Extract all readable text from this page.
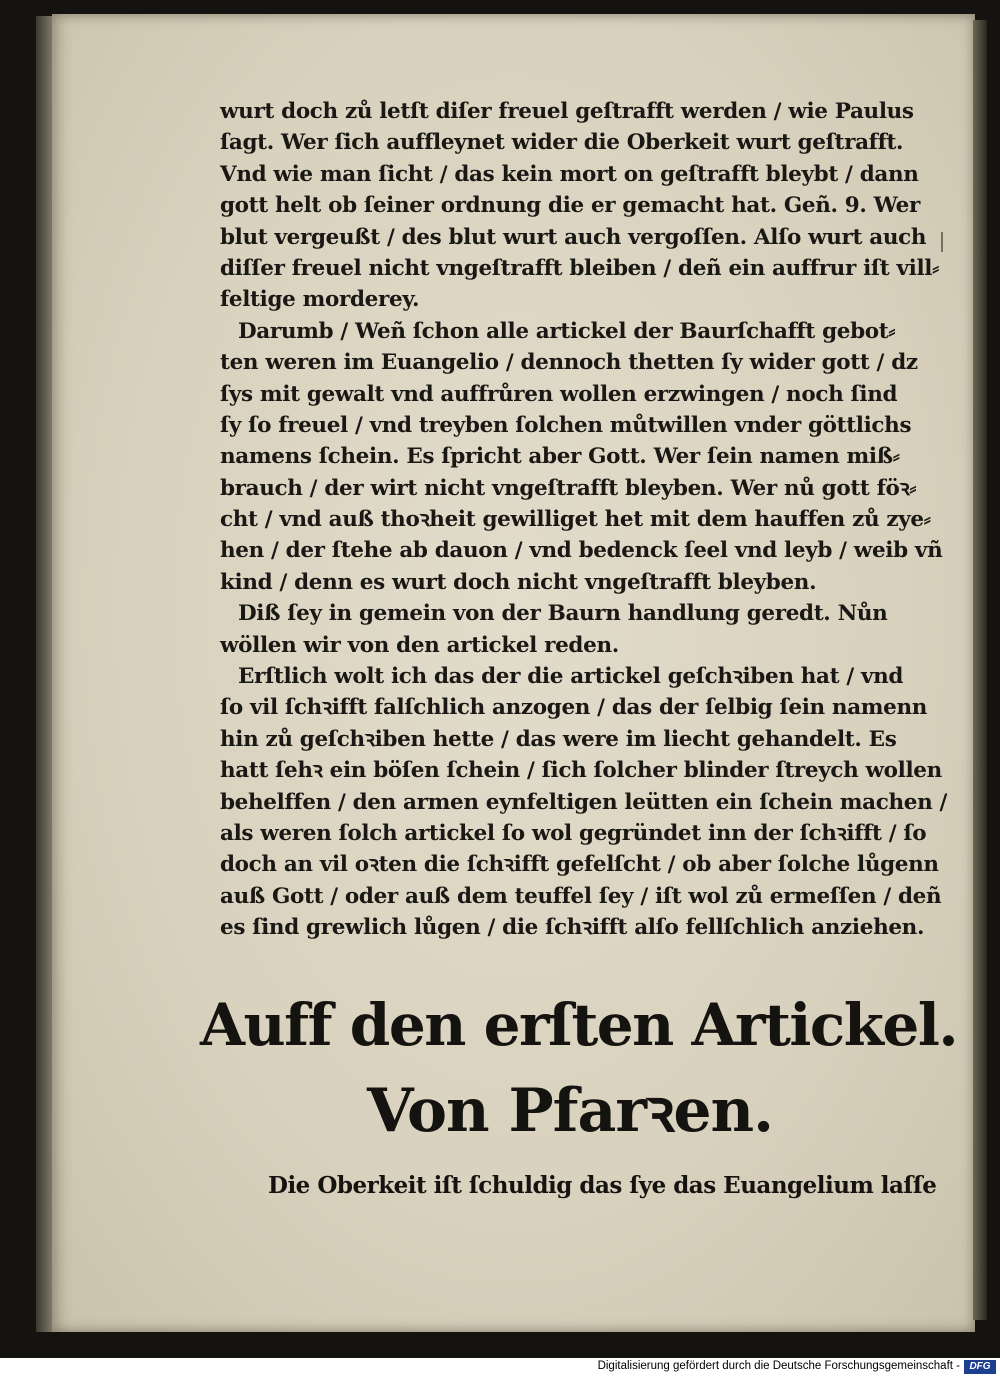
wurt doch zů letſt diſer freuel geſtrafft werden / wie Paulus
ſagt. Wer ſich auffleynet wider die Oberkeit wurt geſtrafft.
Vnd wie man ſicht / das kein mort on geſtrafft bleybt / dann
gott helt ob ſeiner ordnung die er gemacht hat. Geñ. 9. Wer
blut vergeußt / des blut wurt auch vergoſſen. Alſo wurt auch
diſſer freuel nicht vngeſtrafft bleiben / deñ ein auffrur iſt vill⸗
feltige morderey.
Darumb / Weñ ſchon alle artickel der Baurſchafft gebot⸗
ten weren im Euangelio / dennoch thetten ſy wider gott / dz
ſys mit gewalt vnd auffrůren wollen erzwingen / noch ſind
ſy ſo freuel / vnd treyben ſolchen můtwillen vnder göttlichs
namens ſchein. Es ſpricht aber Gott. Wer ſein namen miß⸗
brauch / der wirt nicht vngeſtrafft bleyben. Wer nů gott föꝛ⸗
cht / vnd auß thoꝛheit gewilliget het mit dem hauffen zů zye⸗
hen / der ſtehe ab dauon / vnd bedenck ſeel vnd leyb / weib vñ
kind / denn es wurt doch nicht vngeſtrafft bleyben.
Diß ſey in gemein von der Baurn handlung geredt. Nůn
wöllen wir von den artickel reden.
Erſtlich wolt ich das der die artickel geſchꝛiben hat / vnd
ſo vil ſchꝛifft falſchlich anzogen / das der ſelbig ſein namenn
hin zů geſchꝛiben hette / das were im liecht gehandelt. Es
hatt ſehꝛ ein böſen ſchein / ſich ſolcher blinder ſtreych wollen
behelffen / den armen eynfeltigen leütten ein ſchein machen /
als weren ſolch artickel ſo wol gegründet inn der ſchꝛifft / ſo
doch an vil oꝛten die ſchꝛifft gefelſcht / ob aber ſolche lůgenn
auß Gott / oder auß dem teuffel ſey / iſt wol zů ermeſſen / deñ
es ſind grewlich lůgen / die ſchꝛifft alſo fellſchlich anziehen.
Auff den erſten Artickel.
Von Pfarꝛen.
Die Oberkeit iſt ſchuldig das ſye das Euangelium laſſe
Digitalisierung gefördert durch die Deutsche Forschungsgemeinschaft - DFG
